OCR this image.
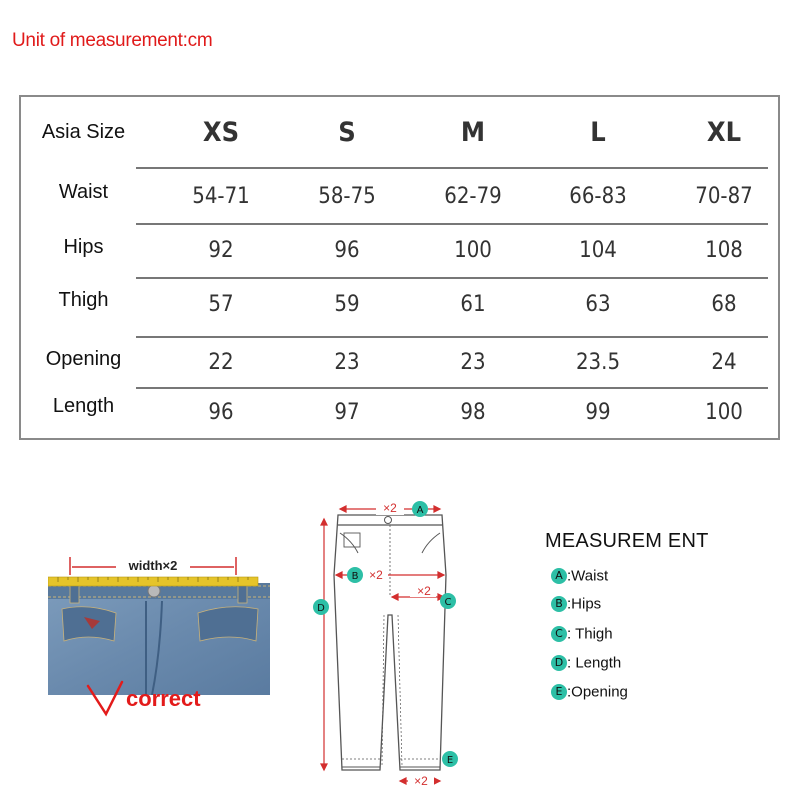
Unit of measurement:cm
Asia Size	XS	S	M	L	XL
Waist	54-71	58-75	62-79	66-83	70-87
Hips	92	96	100	104	108
Thigh	57	59	61	63	68
Opening	22	23	23	23.5	24
Length	96	97	98	99	100
width×2
correct
×2
×2
×2
×2
A
B
C
D
E
MEASUREM ENT
A :Waist
B :Hips
C : Thigh
D : Length
E :Opening
